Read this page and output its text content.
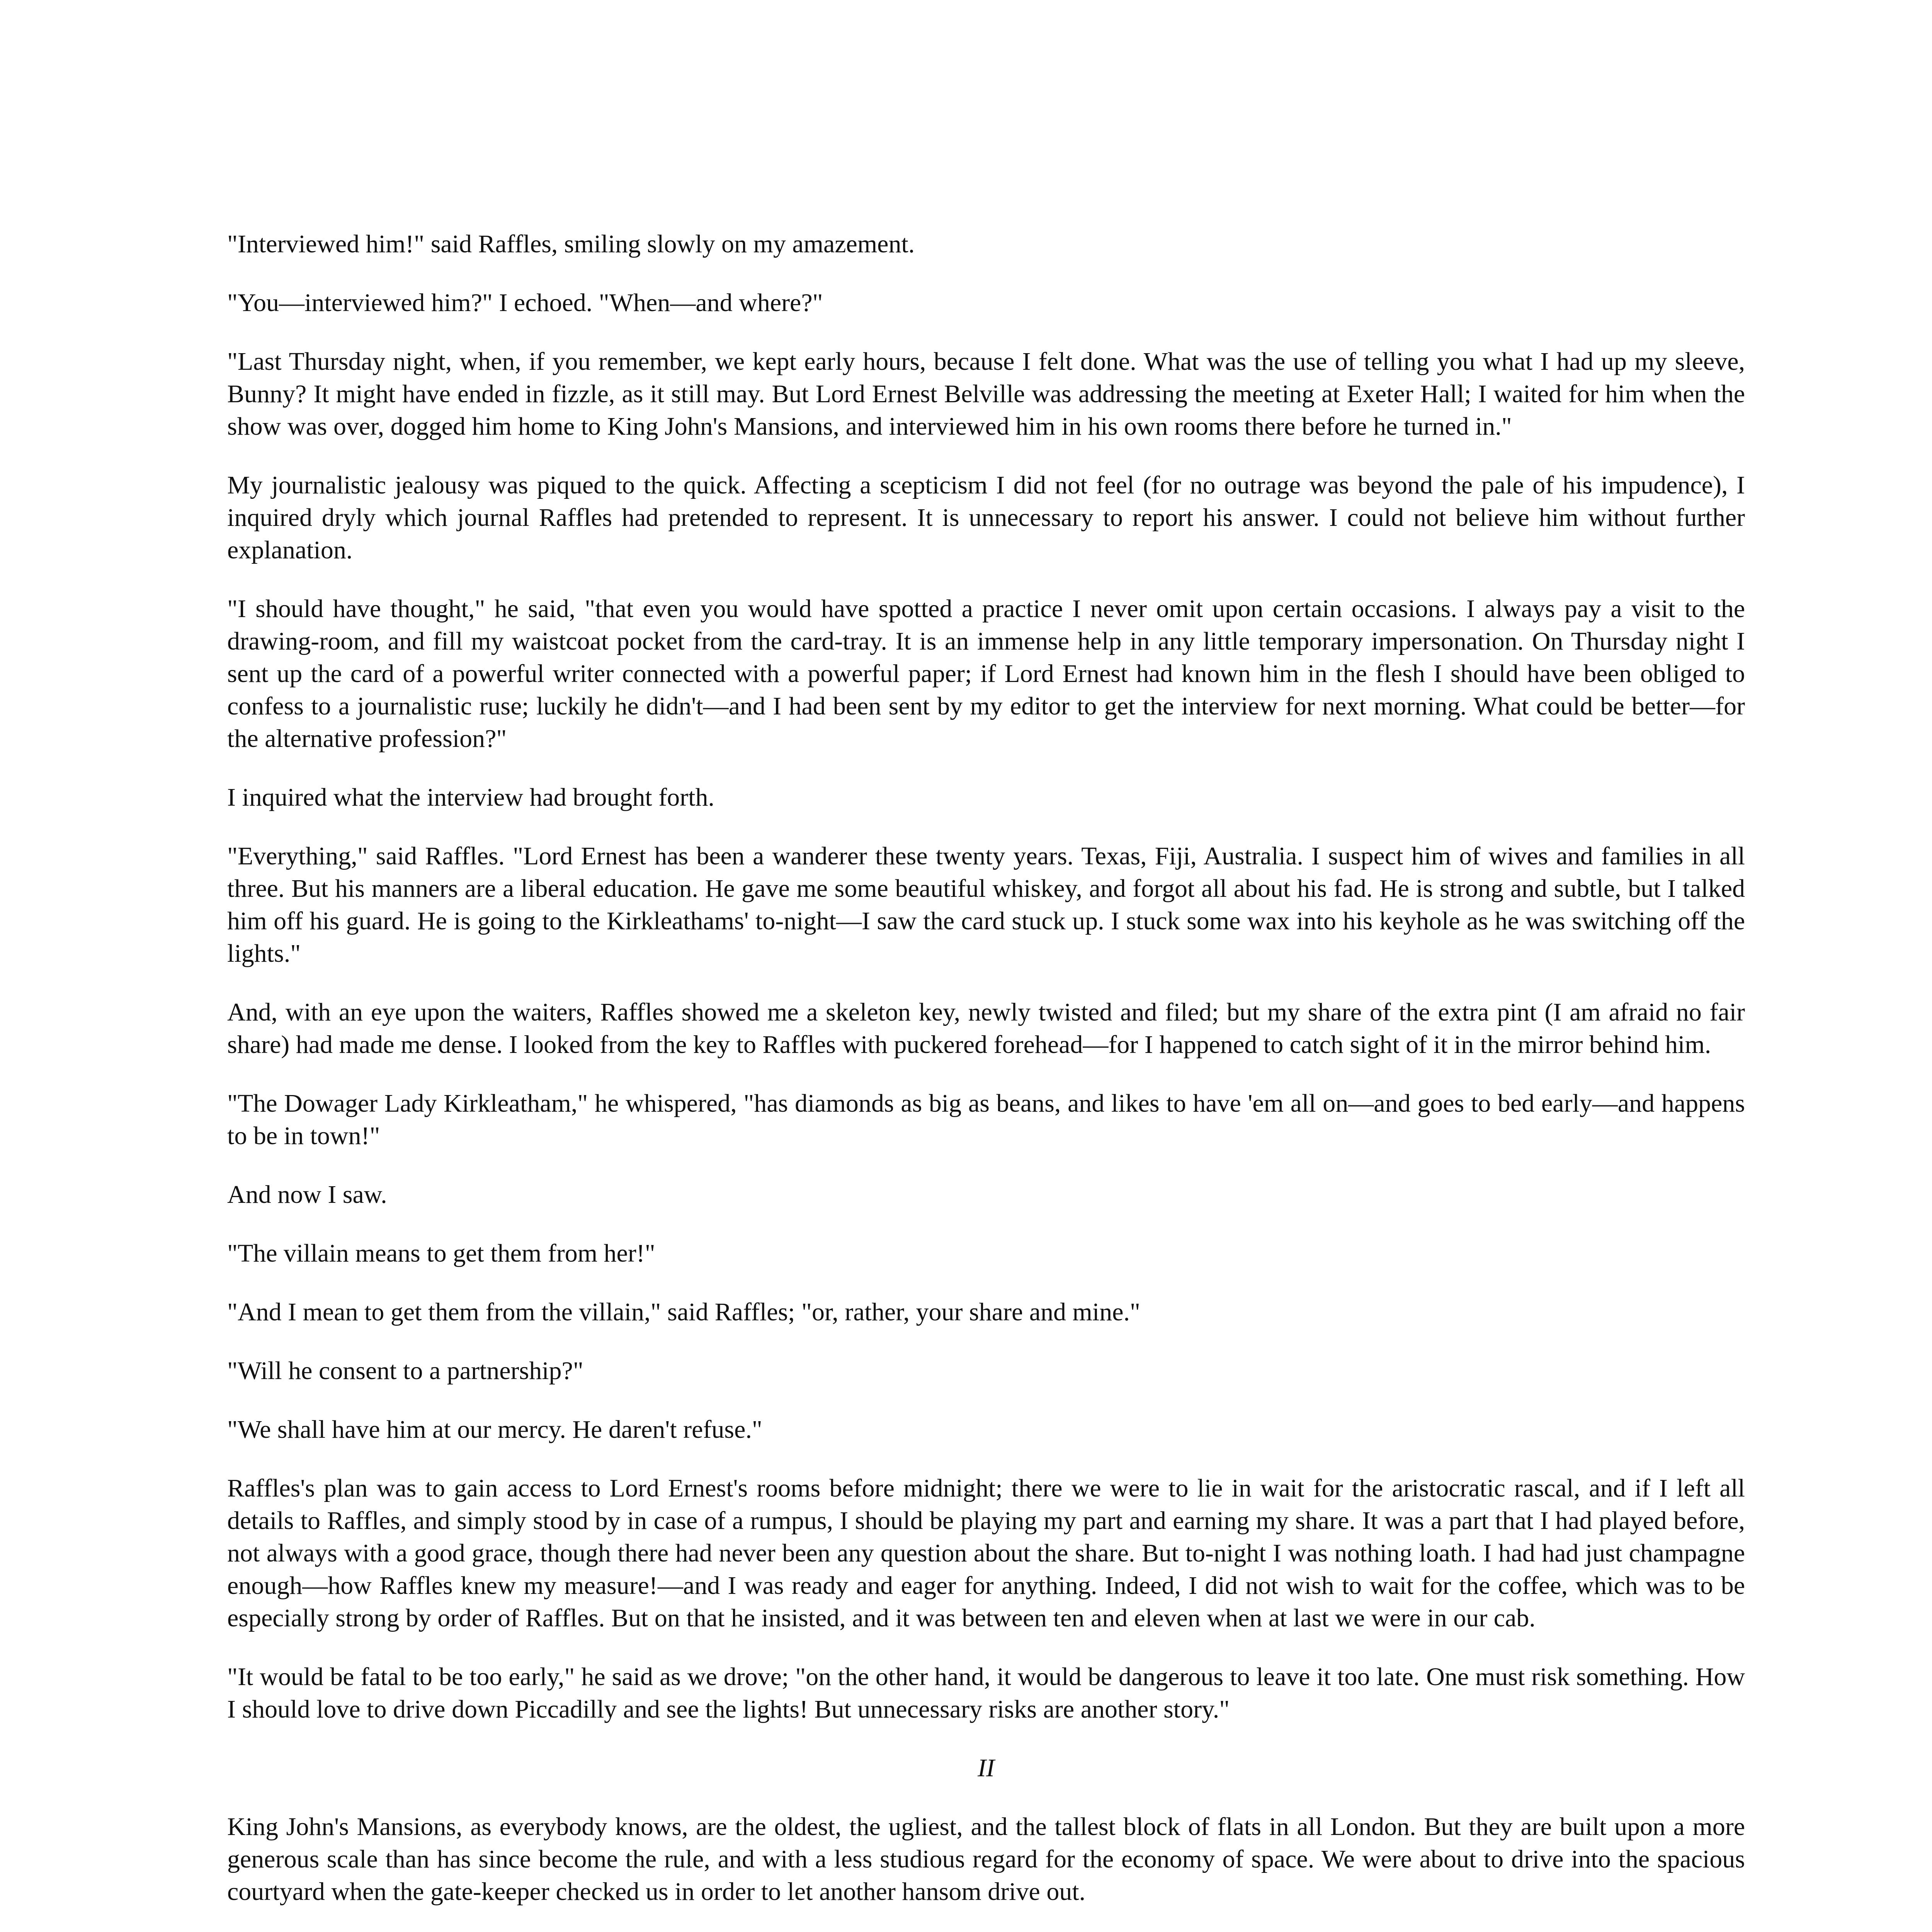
"Interviewed him!" said Raffles, smiling slowly on my amazement.

"You—interviewed him?" I echoed. "When—and where?"

"Last Thursday night, when, if you remember, we kept early hours, because I felt done. What was the use of telling you what I had up my sleeve, Bunny? It might have ended in fizzle, as it still may. But Lord Ernest Belville was addressing the meeting at Exeter Hall; I waited for him when the show was over, dogged him home to King John's Mansions, and interviewed him in his own rooms there before he turned in."

My journalistic jealousy was piqued to the quick. Affecting a scepticism I did not feel (for no outrage was beyond the pale of his impudence), I inquired dryly which journal Raffles had pretended to represent. It is unnecessary to report his answer. I could not believe him without further explanation.

"I should have thought," he said, "that even you would have spotted a practice I never omit upon certain occasions. I always pay a visit to the drawing-room, and fill my waistcoat pocket from the card-tray. It is an immense help in any little temporary impersonation. On Thursday night I sent up the card of a powerful writer connected with a powerful paper; if Lord Ernest had known him in the flesh I should have been obliged to confess to a journalistic ruse; luckily he didn't—and I had been sent by my editor to get the interview for next morning. What could be better—for the alternative profession?"

I inquired what the interview had brought forth.

"Everything," said Raffles. "Lord Ernest has been a wanderer these twenty years. Texas, Fiji, Australia. I suspect him of wives and families in all three. But his manners are a liberal education. He gave me some beautiful whiskey, and forgot all about his fad. He is strong and subtle, but I talked him off his guard. He is going to the Kirkleathams' to-night—I saw the card stuck up. I stuck some wax into his keyhole as he was switching off the lights."

And, with an eye upon the waiters, Raffles showed me a skeleton key, newly twisted and filed; but my share of the extra pint (I am afraid no fair share) had made me dense. I looked from the key to Raffles with puckered forehead—for I happened to catch sight of it in the mirror behind him.

"The Dowager Lady Kirkleatham," he whispered, "has diamonds as big as beans, and likes to have 'em all on—and goes to bed early—and happens to be in town!"

And now I saw.

"The villain means to get them from her!"

"And I mean to get them from the villain," said Raffles; "or, rather, your share and mine."

"Will he consent to a partnership?"

"We shall have him at our mercy. He daren't refuse."

Raffles's plan was to gain access to Lord Ernest's rooms before midnight; there we were to lie in wait for the aristocratic rascal, and if I left all details to Raffles, and simply stood by in case of a rumpus, I should be playing my part and earning my share. It was a part that I had played before, not always with a good grace, though there had never been any question about the share. But to-night I was nothing loath. I had had just champagne enough—how Raffles knew my measure!—and I was ready and eager for anything. Indeed, I did not wish to wait for the coffee, which was to be especially strong by order of Raffles. But on that he insisted, and it was between ten and eleven when at last we were in our cab.

"It would be fatal to be too early," he said as we drove; "on the other hand, it would be dangerous to leave it too late. One must risk something. How I should love to drive down Piccadilly and see the lights! But unnecessary risks are another story."

II

King John's Mansions, as everybody knows, are the oldest, the ugliest, and the tallest block of flats in all London. But they are built upon a more generous scale than has since become the rule, and with a less studious regard for the economy of space. We were about to drive into the spacious courtyard when the gate-keeper checked us in order to let another hansom drive out.
